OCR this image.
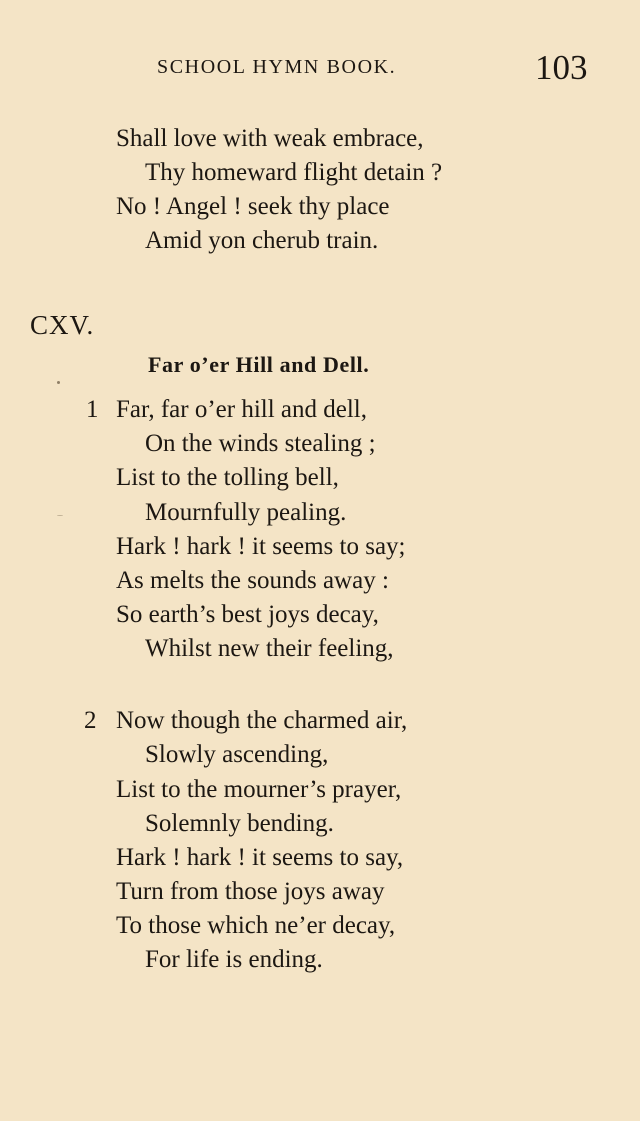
SCHOOL HYMN BOOK.	103
Shall love with weak embrace,
Thy homeward flight detain ?
No ! Angel ! seek thy place
Amid yon cherub train.
CXV.
Far o’er Hill and Dell.
1 Far, far o’er hill and dell,
On the winds stealing ;
List to the tolling bell,
Mournfully pealing.
Hark ! hark ! it seems to say;
As melts the sounds away :
So earth’s best joys decay,
Whilst new their feeling,
2 Now though the charmed air,
Slowly ascending,
List to the mourner’s prayer,
Solemnly bending.
Hark ! hark ! it seems to say,
Turn from those joys away
To those which ne’er decay,
For life is ending.
